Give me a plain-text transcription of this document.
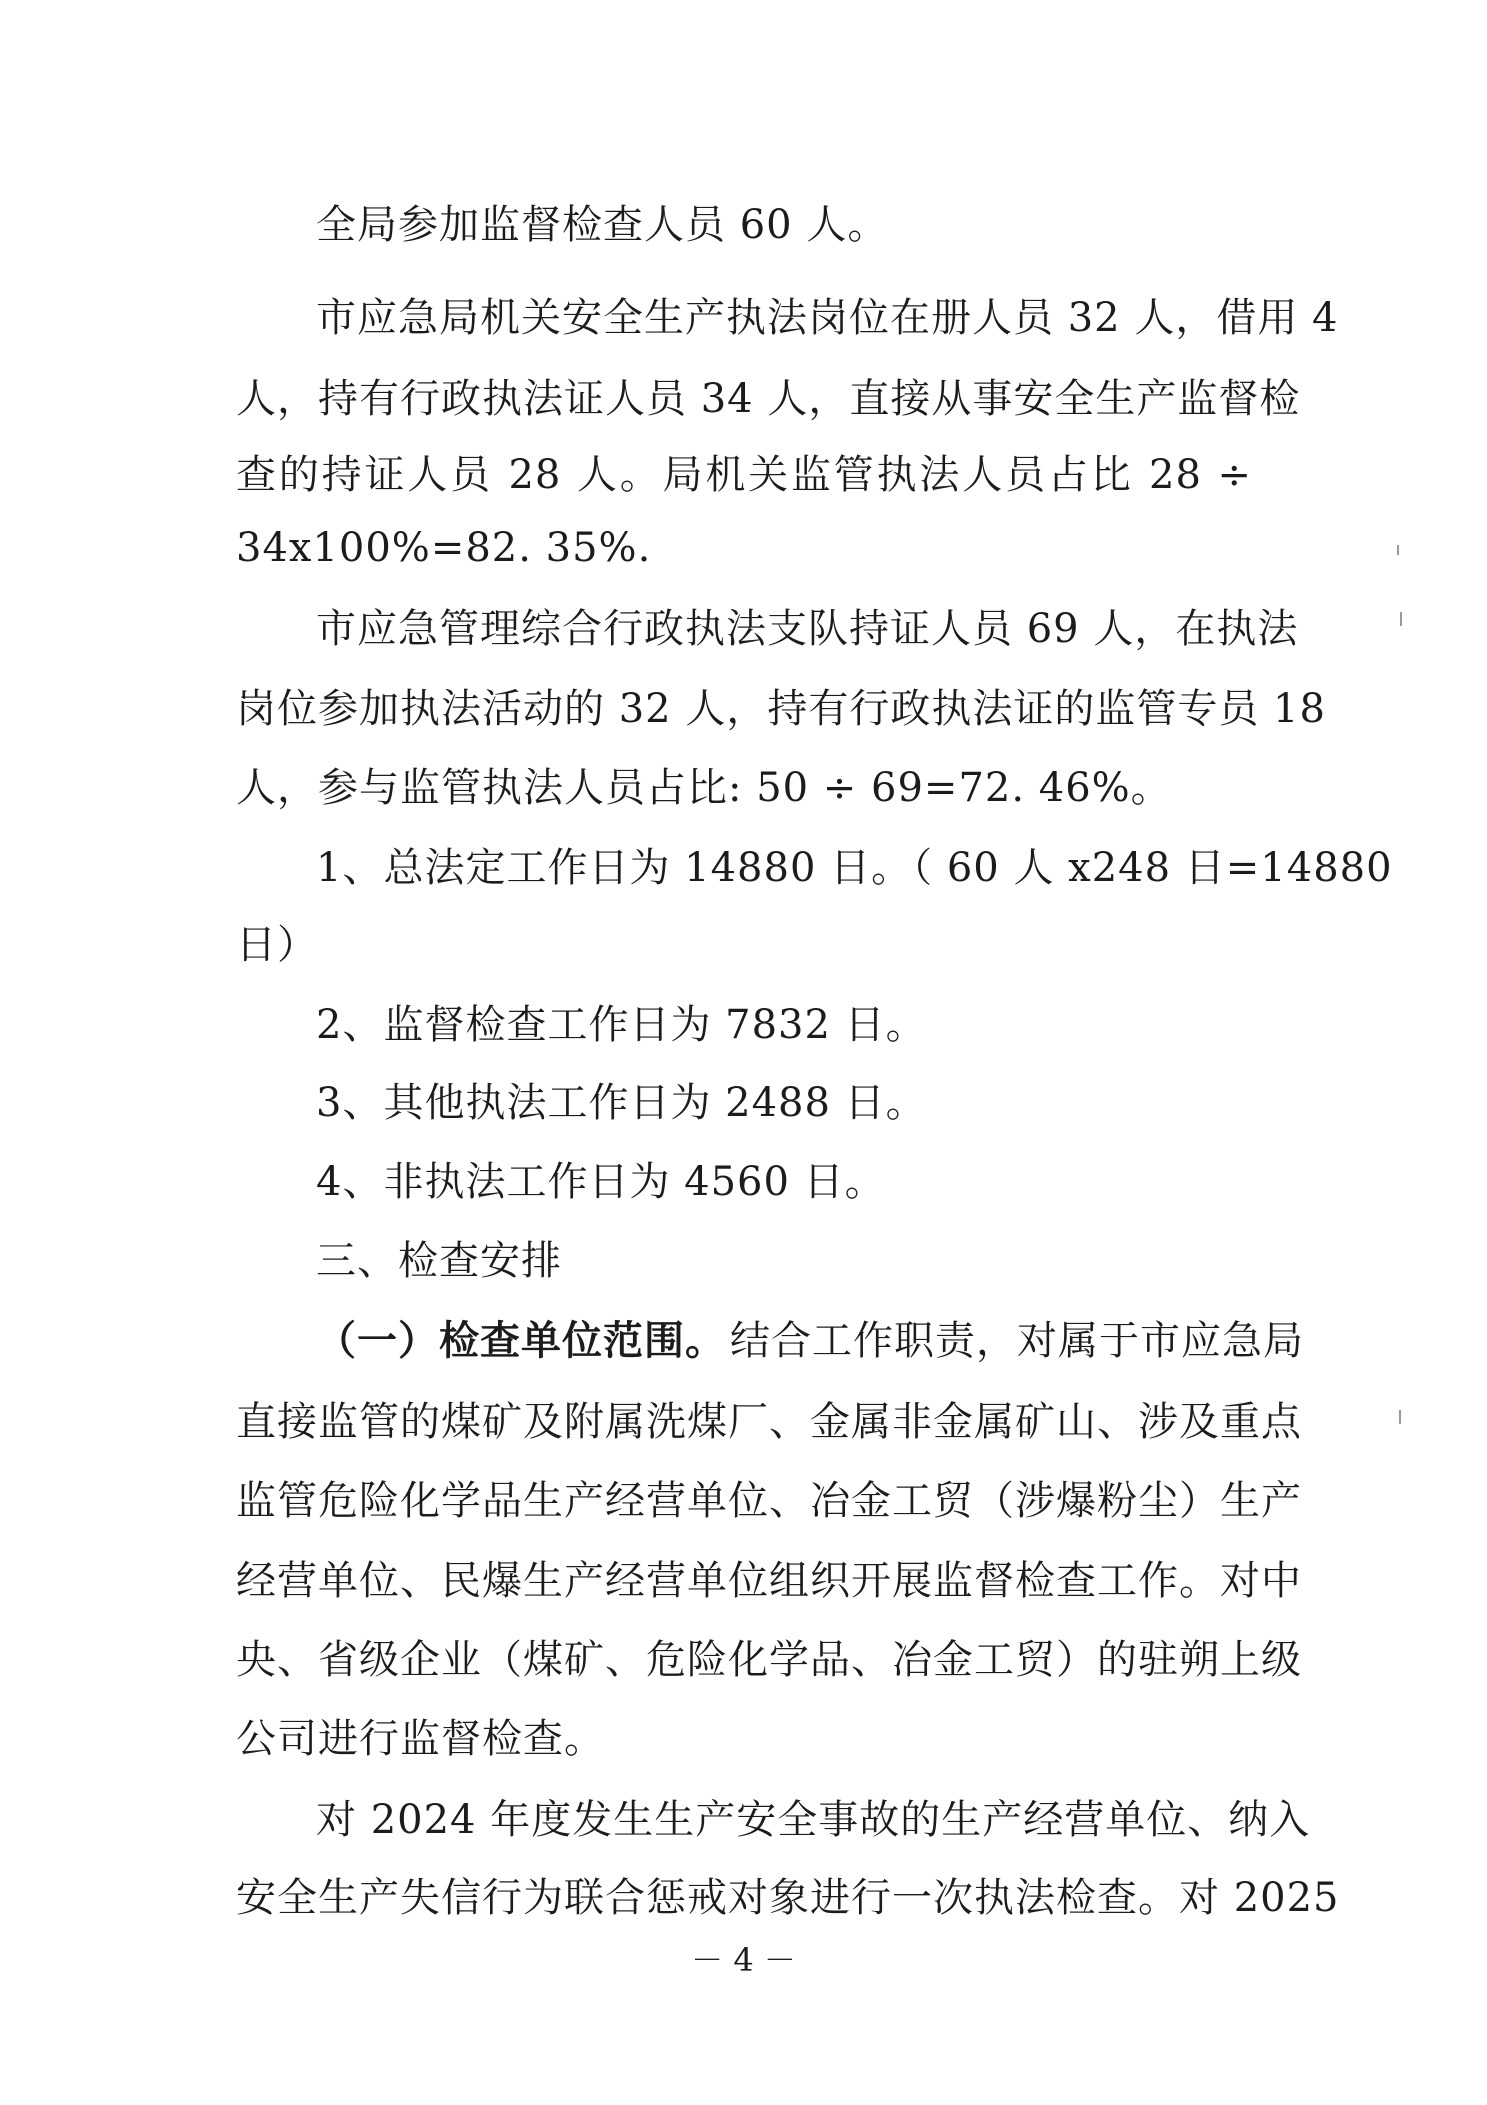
全局参加监督检查人员 60 人。
市应急局机关安全生产执法岗位在册人员 32 人，借用 4
人，持有行政执法证人员 34 人，直接从事安全生产监督检
查的持证人员 28 人。局机关监管执法人员占比 28 ÷
34x100%=82. 35%.
市应急管理综合行政执法支队持证人员 69 人，在执法
岗位参加执法活动的 32 人，持有行政执法证的监管专员 18
人，参与监管执法人员占比: 50 ÷ 69=72. 46%。
1、总法定工作日为 14880 日。（ 60 人 x248 日=14880
日）
2、监督检查工作日为 7832 日。
3、其他执法工作日为 2488 日。
4、非执法工作日为 4560 日。
三、检查安排
（一）检查单位范围。 结合工作职责，对属于市应急局
直接监管的煤矿及附属洗煤厂、金属非金属矿山、涉及重点
监管危险化学品生产经营单位、冶金工贸（涉爆粉尘）生产
经营单位、民爆生产经营单位组织开展监督检查工作。对中
央、省级企业（煤矿、危险化学品、冶金工贸）的驻朔上级
公司进行监督检查。
对 2024 年度发生生产安全事故的生产经营单位、纳入
安全生产失信行为联合惩戒对象进行一次执法检查。对 2025
－ 4 －
